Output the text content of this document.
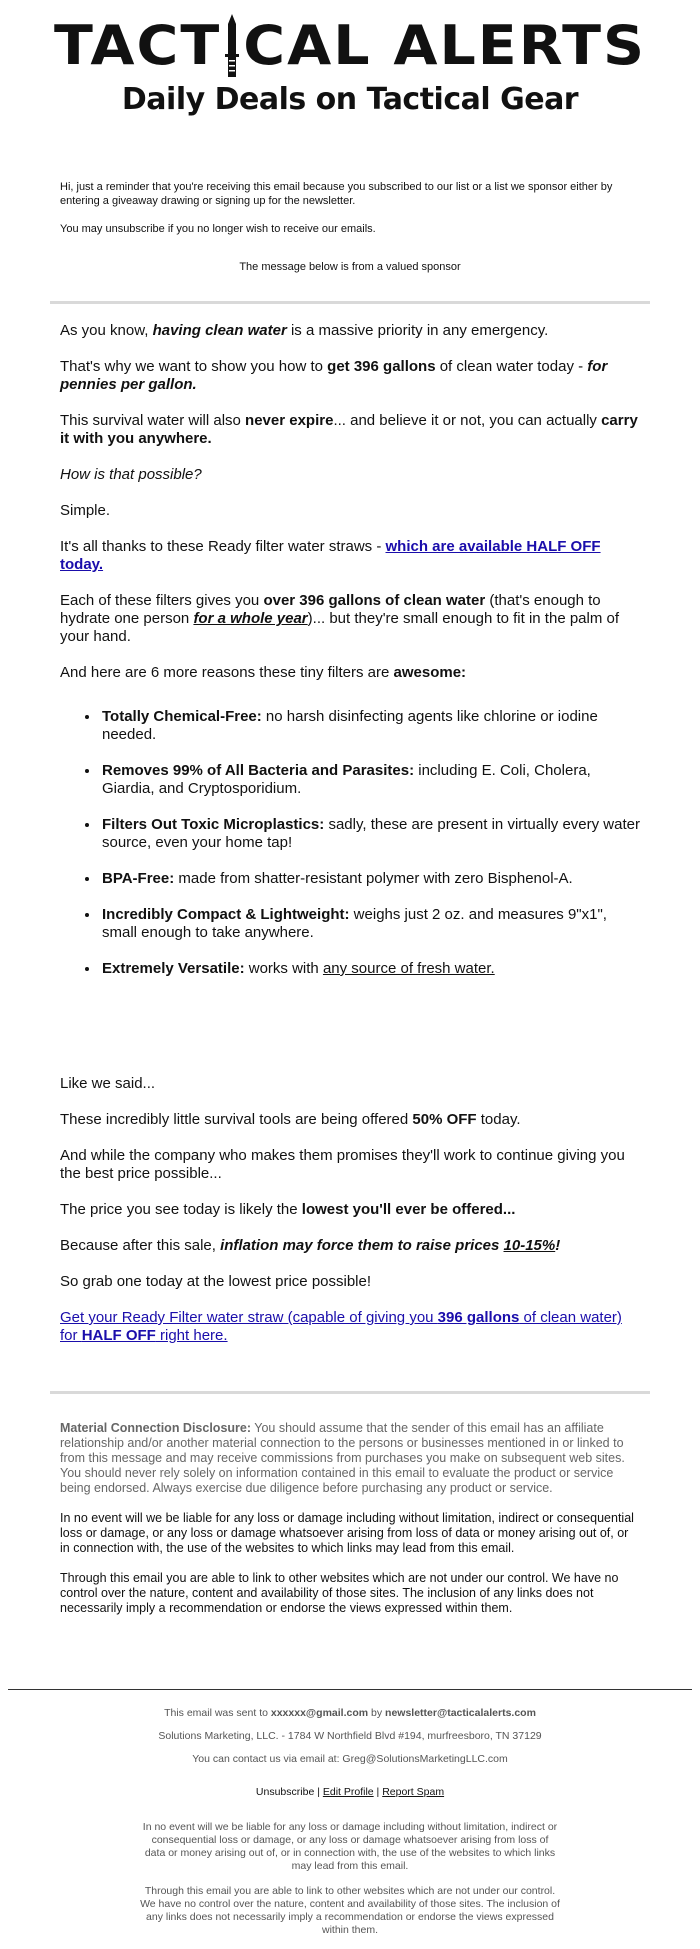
TACT CAL ALERTS
Daily Deals on Tactical Gear

Hi, just a reminder that you're receiving this email because you subscribed to our list or a list we sponsor either by entering a giveaway drawing or signing up for the newsletter.

You may unsubscribe if you no longer wish to receive our emails.

The message below is from a valued sponsor

As you know, having clean water is a massive priority in any emergency.

That's why we want to show you how to get 396 gallons of clean water today - for pennies per gallon.

This survival water will also never expire... and believe it or not, you can actually carry it with you anywhere.

How is that possible?

Simple.

It's all thanks to these Ready filter water straws - which are available HALF OFF today.

Each of these filters gives you over 396 gallons of clean water (that's enough to hydrate one person for a whole year)... but they're small enough to fit in the palm of your hand.

And here are 6 more reasons these tiny filters are awesome:

• Totally Chemical-Free: no harsh disinfecting agents like chlorine or iodine needed.
• Removes 99% of All Bacteria and Parasites: including E. Coli, Cholera, Giardia, and Cryptosporidium.
• Filters Out Toxic Microplastics: sadly, these are present in virtually every water source, even your home tap!
• BPA-Free: made from shatter-resistant polymer with zero Bisphenol-A.
• Incredibly Compact & Lightweight: weighs just 2 oz. and measures 9"x1", small enough to take anywhere.
• Extremely Versatile: works with any source of fresh water.

Like we said...

These incredibly little survival tools are being offered 50% OFF today.

And while the company who makes them promises they'll work to continue giving you the best price possible...

The price you see today is likely the lowest you'll ever be offered...

Because after this sale, inflation may force them to raise prices 10-15%!

So grab one today at the lowest price possible!

Get your Ready Filter water straw (capable of giving you 396 gallons of clean water) for HALF OFF right here.

Material Connection Disclosure: You should assume that the sender of this email has an affiliate relationship and/or another material connection to the persons or businesses mentioned in or linked to from this message and may receive commissions from purchases you make on subsequent web sites. You should never rely solely on information contained in this email to evaluate the product or service being endorsed. Always exercise due diligence before purchasing any product or service.

In no event will we be liable for any loss or damage including without limitation, indirect or consequential loss or damage, or any loss or damage whatsoever arising from loss of data or money arising out of, or in connection with, the use of the websites to which links may lead from this email.

Through this email you are able to link to other websites which are not under our control. We have no control over the nature, content and availability of those sites. The inclusion of any links does not necessarily imply a recommendation or endorse the views expressed within them.

This email was sent to xxxxxx@gmail.com by newsletter@tacticalalerts.com

Solutions Marketing, LLC. - 1784 W Northfield Blvd #194, murfreesboro, TN 37129

You can contact us via email at: Greg@SolutionsMarketingLLC.com

Unsubscribe | Edit Profile | Report Spam

In no event will we be liable for any loss or damage including without limitation, indirect or consequential loss or damage, or any loss or damage whatsoever arising from loss of data or money arising out of, or in connection with, the use of the websites to which links may lead from this email.

Through this email you are able to link to other websites which are not under our control. We have no control over the nature, content and availability of those sites. The inclusion of any links does not necessarily imply a recommendation or endorse the views expressed within them.
